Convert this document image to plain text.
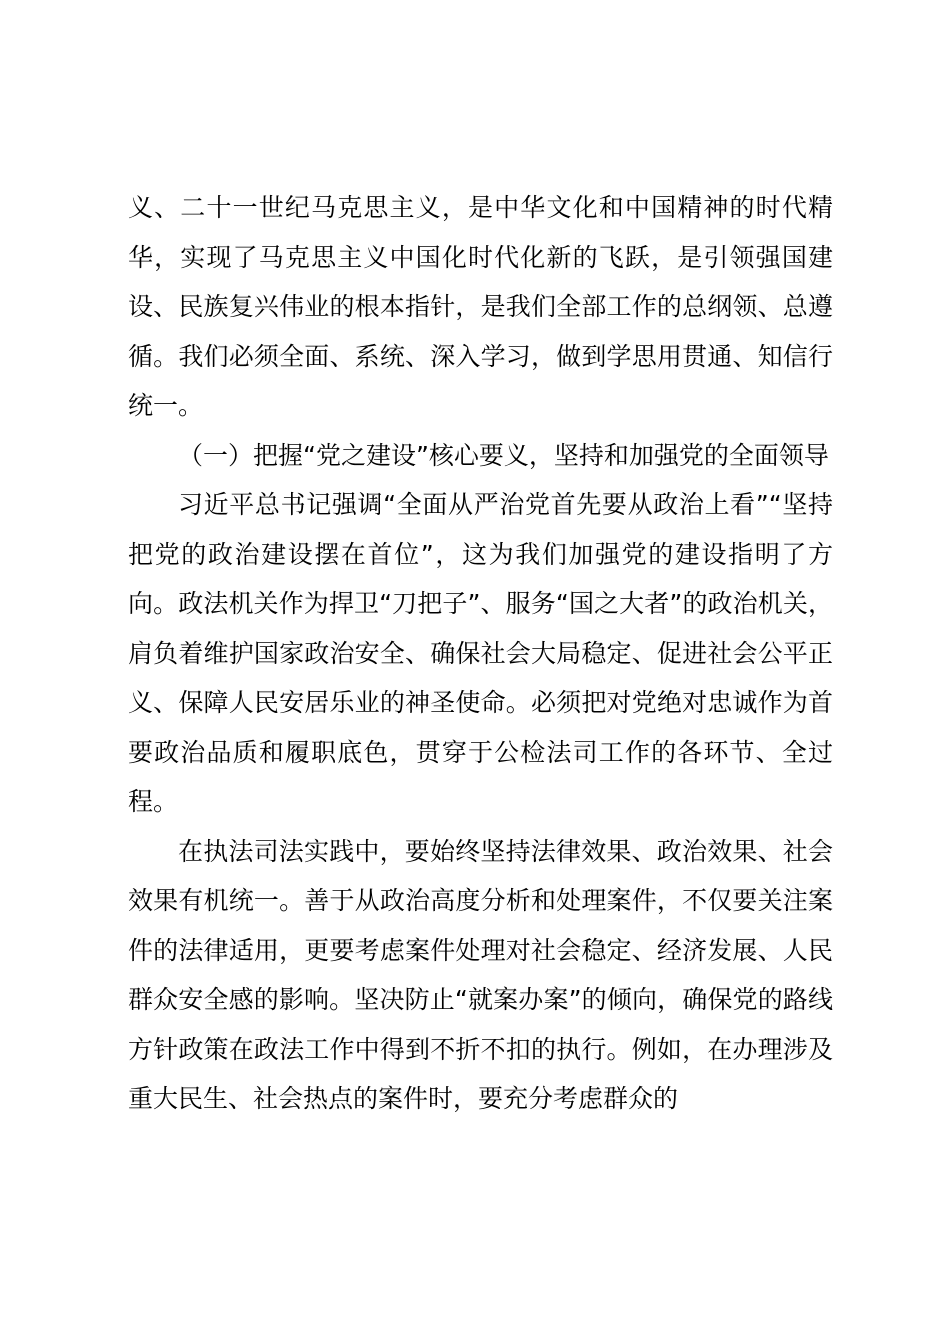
义、二十一世纪马克思主义，是中华文化和中国精神的时代精华，实现了马克思主义中国化时代化新的飞跃，是引领强国建设、民族复兴伟业的根本指针，是我们全部工作的总纲领、总遵循。我们必须全面、系统、深入学习，做到学思用贯通、知信行统一。

（一）把握“党之建设”核心要义，坚持和加强党的全面领导

习近平总书记强调“全面从严治党首先要从政治上看”“坚持把党的政治建设摆在首位”，这为我们加强党的建设指明了方向。政法机关作为捍卫“刀把子”、服务“国之大者”的政治机关，肩负着维护国家政治安全、确保社会大局稳定、促进社会公平正义、保障人民安居乐业的神圣使命。必须把对党绝对忠诚作为首要政治品质和履职底色，贯穿于公检法司工作的各环节、全过程。

在执法司法实践中，要始终坚持法律效果、政治效果、社会效果有机统一。善于从政治高度分析和处理案件，不仅要关注案件的法律适用，更要考虑案件处理对社会稳定、经济发展、人民群众安全感的影响。坚决防止“就案办案”的倾向，确保党的路线方针政策在政法工作中得到不折不扣的执行。例如，在办理涉及重大民生、社会热点的案件时，要充分考虑群众的
